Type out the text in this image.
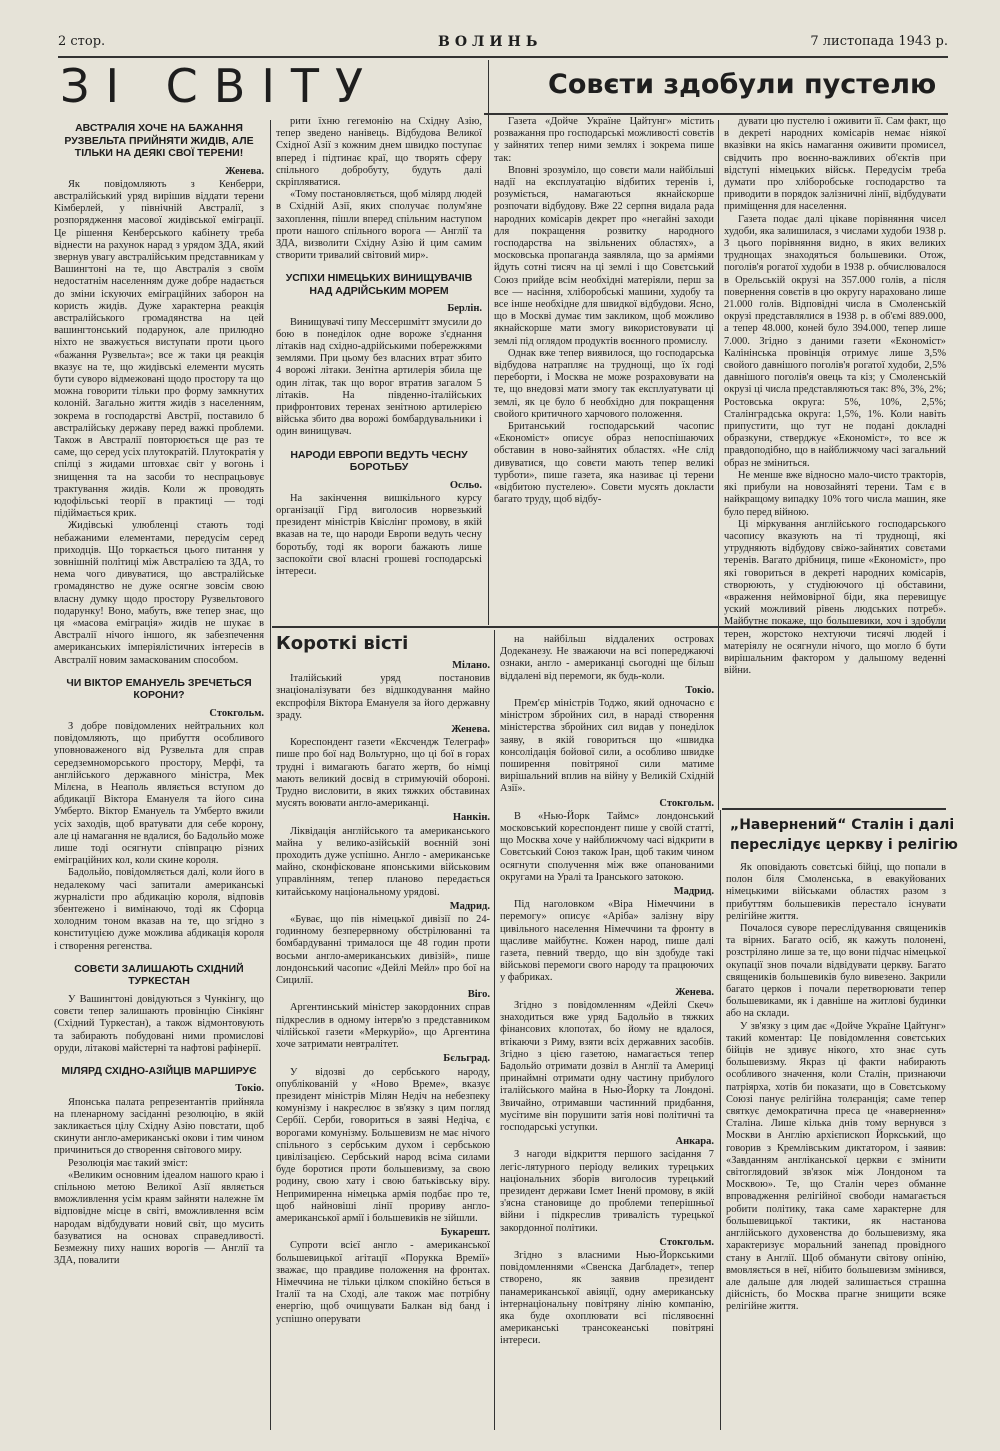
2 стор.	ВОЛИНЬ	7 листопада 1943 р.
ЗІ СВІТУ	Совєти здобули пустелю
АВСТРАЛІЯ ХОЧЕ НА БАЖАННЯ РУЗВЕЛЬТА ПРИЙНЯТИ ЖИДІВ, АЛЕ ТІЛЬКИ НА ДЕЯКІ СВОЇ ТЕРЕНИ!
Женева.

Як повідомляють з Кенберри, австралійський уряд вирішив віддати терени Кімберлей, у північній Австралії, з розпорядження масової жидівської еміграції. Це рішення Кенберського кабінету треба віднести на рахунок нарад з урядом ЗДА, який звернув увагу австралійським представникам у Вашингтоні на те, що Австралія з своїм недостатнім населенням дуже добре надається до зміни іскуючих еміграційних заборон на користь жидів. Дуже характерна реакція австралійського громадянства на цей вашингтонський подарунок, але прилюдно ніхто не зважується виступати проти цього «бажання Рузвельта»; все ж таки ця реакція вказує на те, що жидівські елементи мусять бути суворо відмежовані щодо простору та що можна говорити тільки про форму замкнутих колоній. Загально життя жидів з населенням, зокрема в господарстві Австрії, поставило б австралійську державу перед важкі проблеми. Також в Австралії повторюється ще раз те саме, що серед усіх плутократій. Плутократія у спілці з жидами штовхає світ у вогонь і знищення та на засоби то неспрацьовує трактування жидів. Коли ж проводять юдофільські теорії в практиці — тоді підіймається крик.

Жидівські улюбленці стають тоді небажаними елементами, передусім серед приходців. Що торкається цього питання у зовнішній політиці між Австралією та ЗДА, то нема чого дивуватися, що австралійське громадянство не дуже осягне зовсім свою власну думку щодо простору Рузвельтового подарунку! Воно, мабуть, вже тепер знає, що ця «масова еміграція» жидів не шукає в Австралії нічого іншого, як забезпечення американських імперіялістичних інтересів в Австралії новим замаскованим способом.

ЧИ ВІКТОР ЕМАНУЕЛЬ ЗРЕЧЕТЬСЯ КОРОНИ?
Стокгольм.

З добре повідомлених нейтральних кол повідомляють, що прибуття особливого уповноваженого від Рузвельта для справ середземноморського простору, Мерфі, та англійського державного міністра, Мек Мілєна, в Неаполь являється вступом до абдикації Віктора Емануеля та його сина Умберто. Віктор Емануель та Умберто вжили усіх заходів, щоб вратувати для себе корону, але ці намагання не вдалися, бо Бадольйо може лише тоді осягнути співпрацю різних еміграційних кол, коли скине короля.

Бадольйо, повідомляється далі, коли його в недалекому часі запитали американські журналісти про абдикацію короля, відповів збентежено і вимінаючо, тоді як Сфорца холодним тоном вказав на те, що згідно з конституцією дуже можлива абдикація короля і створення регенства.

СОВЄТИ ЗАЛИШАЮТЬ СХІДНИЙ ТУРКЕСТАН

У Вашингтоні довідуються з Чункінгу, що совєти тепер залишають провінцію Сінкіянг (Східний Туркестан), а також відмонтовують та забирають побудовані ними промислові оруди, літакові майстерні та нафтові рафінерії.

МІЛЯРД СХІДНО-АЗІЙЦІВ МАРШИРУЄ
Токіо.

Японська палата репрезентантів прийняла на пленарному засіданні резолюцію, в якій закликається цілу Східну Азію повстати, щоб скинути англо-американські окови і тим чином причиниться до створення світового миру.

Резолюція має такий зміст:

«Великим основним ідеалом нашого краю і спільною метою Великої Азії являється вможливлення усім краям зайняти належне їм відповідне місце в світі, вможливлення всім народам відбудувати новий світ, що мусить базуватися на основах справедливості. Безмежну пиху наших ворогів — Англії та ЗДА, повалити

рити їхню гегемонію на Східну Азію, тепер зведено нанівець. Відбудова Великої Східної Азії з кожним днем швидко поступає вперед і підтинає краї, що творять сферу спільного добробуту, будуть далі скріпляватися.

«Тому постановляється, щоб мілярд людей в Східній Азії, яких сполучає полум'яне захоплення, пішли вперед спільним наступом проти нашого спільного ворога — Англії та ЗДА, визволити Східну Азію й цим самим створити тривалий світовий мир».

УСПІХИ НІМЕЦЬКИХ ВИНИЩУВАЧІВ НАД АДРІЙСЬКИМ МОРЕМ
Берлін.

Винищувачі типу Мессершмітт змусили до бою в понеділок одне вороже з'єднання літаків над східно-адрійськими побережжями землями. При цьому без власних втрат збито 4 ворожі літаки. Зенітна артилерія збила ще один літак, так що ворог втратив загалом 5 літаків. На південно-італійських прифронтових теренах зенітною артилерією війська збито два ворожі бомбардувальники і один винищувач.

НАРОДИ ЕВРОПИ ВЕДУТЬ ЧЕСНУ БОРОТЬБУ
Осльо.

На закінчення вишкільного курсу організації Гірд виголосив норвезький президент міністрів Квіслінг промову, в якій вказав на те, що народи Европи ведуть чесну боротьбу, тоді як вороги бажають лише заспокоїти свої власні грошеві господарські інтереси.

Газета «Дойче Україне Цайтунг» містить розважання про господарські можливості совєтів у зайнятих тепер ними землях і зокрема пише так:

Вповні зрозуміло, що совєти мали найбільші надії на експлуатацію відбитих теренів і, розуміється, намагаються якнайскорше розпочати відбудову. Вже 22 серпня видала рада народних комісарів декрет про «негайні заходи для покращення розвитку народного господарства на звільнених областях», а московська пропаганда заявляла, що за арміями йдуть сотні тисяч на ці землі і що Совєтський Союз прийде всім необхідні матеріяли, перш за все — насіння, хліборобські машини, худобу та все інше необхідне для швидкої відбудови. Ясно, що в Москві думає тим закликом, щоб можливо якнайскорше мати змогу використовувати ці землі під оглядом продуктів воєнного промислу.

Однак вже тепер виявилося, що господарська відбудова натрапляє на труднощі, що їх годі переборти, і Москва не може розраховувати на те, що внедовзі мати змогу так експлуатувати ці землі, як це було б необхідно для покращення свойого критичного харчового положення.

Британський господарський часопис «Економіст» описує образ непоспішаючих обставин в ново-зайнятих областях. «Не слід дивуватися, що совєти мають тепер великі турботи», пише газета, яка називає ці терени «відбитою пустелею». Совєти мусять докласти багато труду, щоб відбу-

дувати цю пустелю і оживити її. Сам факт, що в декреті народних комісарів немає ніякої вказівки на якісь намагання оживити промисел, свідчить про воєнно-важливих об'єктів при відступі німецьких військ. Передусім треба думати про хліборобське господарство та приводити в порядок залізничні лінії, відбудувати приміщення для населення.

Газета подає далі цікаве порівняння чисел худоби, яка залишилася, з числами худоби 1938 р. З цього порівняння видно, в яких великих труднощах знаходяться большевики. Отож, поголів'я рогатої худоби в 1938 р. обчислювалося в Орельській окрузі на 357.000 голів, а після повернення совєтів в цю округу нараховано лише 21.000 голів. Відповідні числа в Смоленській окрузі представлялися в 1938 р. в об'ємі 889.000, а тепер 48.000, коней було 394.000, тепер лише 7.000. Згідно з даними газети «Економіст» Калінінська провінція отримує лише 3,5% свойого давнішого поголів'я рогатої худоби, 2,5% давнішого поголів'я овець та кіз; у Смоленській окрузі ці числа представляються так: 8%, 3%, 2%; Ростовська округа: 5%, 10%, 2,5%; Сталінградська округа: 1,5%, 1%. Коли навіть припустити, що тут не подані докладні образкуни, стверджує «Економіст», то все ж правдоподібно, що в найближчому часі загальний образ не зміниться.

Не менше вже відносно мало-чисто тракторів, які прибули на новозайняті терени. Там є в найкращому випадку 10% того числа машин, яке було перед війною.

Ці міркування англійського господарського часопису вказують на ті труднощі, які утрудняють відбудову свіжо-зайнятих совєтами теренів. Вагато дрібниця, пише «Економіст», про які говориться в декреті народних комісарів, створюють, у студіюючого ці обставини, «враження неймовірної біди, яка перевищує уский можливий рівень людських потреб». Майбутнє покаже, що большевики, хоч і здобули терен, жорстоко нехтуючи тисячі людей і матеріялу не осягнули нічого, що могло б бути вирішальним фактором у дальшому веденні війни.

Короткі вісті
Мілано.

Італійський уряд постановив знаціоналізувати без відшкодування майно експрофіля Віктора Емануеля за його державну зраду.

Женева.

Кореспондент газети «Ексчендж Телеграф» пише про бої над Вольтурно, що ці бої в горах трудні і вимагають багато жертв, бо німці мають великий досвід в стримуючій обороні. Трудно висловити, в яких тяжких обставинах мусять воювати англо-американці.

Нанкін.

Ліквідація англійського та американського майна у велико-азійській воєнній зоні проходить дуже успішно. Англо - американське майно, сконфісковане японськими військовим управлінням, тепер планово передається китайському національному урядові.

Мадрид.

«Буває, що пів німецької дивізії по 24-годинному безперервному обстрілюванні та бомбардуванні трималося ще 48 годин проти восьми англо-американських дивізій», пише лондонський часопис «Дейлі Мейл» про бої на Сицилії.

Віго.

Аргентинський міністер закордонних справ підкреслив в одному інтерв'ю з представником чілійської газети «Меркурйо», що Аргентина хоче затримати невтралітет.

Бєльград.

У відозві до сербського народу, опублікованій у «Ново Време», вказує президент міністрів Мілян Недіч на небезпеку комунізму і накреслює в зв'язку з цим погляд Сербії. Серби, говориться в заяві Недіча, є ворогами комунізму. Большевизм не має нічого спільного з сербським духом і сербською цивілізацією. Сербський народ всіма силами буде боротися проти большевизму, за свою родину, свою хату і свою батьківську віру. Непримиренна німецька армія подбає про те, щоб найновіші лінії прориву англо-американської армії і большевиків не зійшли.

Букарешт.

Супроти всієї англо - американської большевицької агітації «Порукка Времії» зважає, що правдиве положення на фронтах. Німеччина не тільки цілком спокійно бється в Італії та на Сході, але також має потрібну енергію, щоб очищувати Балкан від банд і успішно оперувати

на найбільш віддалених островах Додеканезу. Не зважаючи на всі попереджаючі ознаки, англо - американці сьогодні ще більш віддалені від перемоги, як будь-коли.

Токіо.

Прем'єр міністрів Тоджо, який одночасно є міністром збройних сил, в нараді створення міністерства збройних сил видав у понеділок заяву, в якій говориться що «швидка консолідація бойової сили, а особливо швидке поширення повітряної сили матиме вирішальний вплив на війну у Великій Східній Азії».

Стокгольм.

В «Нью-Йорк Таймс» лондонський московський кореспондент пише у своїй статті, що Москва хоче у найближчому часі відкрити в Совєтський Союз також Іран, щоб таким чином осягнути сполучення між вже опанованими округами на Уралі та Іранського затокою.

Мадрид.

Під наголовком «Віра Німеччини в перемогу» описує «Аріба» залізну віру цивільного населення Німеччини та фронту в щасливе майбутнє. Кожен народ, пише далі газета, певний твердо, що він здобуде такі військові перемоги свого народу та працюючих у фабриках.

Женева.

Згідно з повідомленням «Дейлі Скеч» знаходиться вже уряд Бадольйо в тяжких фінансових клопотах, бо йому не вдалося, втікаючи з Риму, взяти всіх державних засобів. Згідно з цією газетою, намагається тепер Бадольйо отримати дозвіл в Англії та Америці принаймні отримати одну частину прибулого італійського майна в Нью-Йорку та Лондоні. Звичайно, отримавши частинний придбання, мусітиме він порушити затія нові політичні та господарські уступки.

Анкара.

З нагоди відкриття першого засідання 7 легіс-лятурного періоду великих турецьких національних зборів виголосив турецький президент держави Ісмет Іненй промову, в якій з'ясна становище до проблеми теперішньої війни і підкреслив тривалість турецької закордонної політики.

Стокгольм.

Згідно з власними Нью-Йоркськими повідомленнями «Свенска Дагбладет», тепер створено, як заявив президент панамериканської авіяції, одну американську інтернаціональну повітряну лінію компанію, яка буде охоплювати всі післявоєнні американські трансокеанські повітряні інтереси.

„Навернений“ Сталін і далі
переслідує церкву і релігію

Як оповідають совєтські бійці, що попали в полон біля Смоленська, в евакуйованих німецькими військами областях разом з прибуттям большевиків перестало існувати релігійне життя.

Почалося суворе переслідування священиків та вірних. Багато осіб, як кажуть полонені, розстріляно лише за те, що вони підчас німецької окупації знов почали відвідувати церкву. Багато священиків большевиків було вивезено. Закрили багато церков і почали перетворювати тепер большевиками, як і давніше на житлові будинки або на склади.

У зв'язку з цим дає «Дойче Україне Цайтунг» такий коментар: Це повідомлення совєтських бійців не здивує нікого, хто знає суть большевизму. Якраз ці факти набирають особливого значення, коли Сталін, признаючи патріярха, хотів би показати, що в Совєтському Союзі панує релігійна толєранція; саме тепер святкує демократична преса це «навернення» Сталіна. Лише кілька днів тому вернувся з Москви в Англію архієпископ Йоркський, що говорив з Кремлівським диктатором, і заявив: «Завданням англіканської церкви є змінити світоглядовий зв'язок між Лондоном та Москвою». Те, що Сталін через обманне впровадження релігійної свободи намагається робити політику, така саме характерне для большевицької тактики, як настанова англійського духовенства до большевизму, яка характеризує моральний занепад провідного стану в Англії. Щоб обманути світову опінію, вмовляється в неї, нібито большевизм змінився, але дальше для людей залишається страшна дійсність, бо Москва прагне знищити всяке релігійне життя.
